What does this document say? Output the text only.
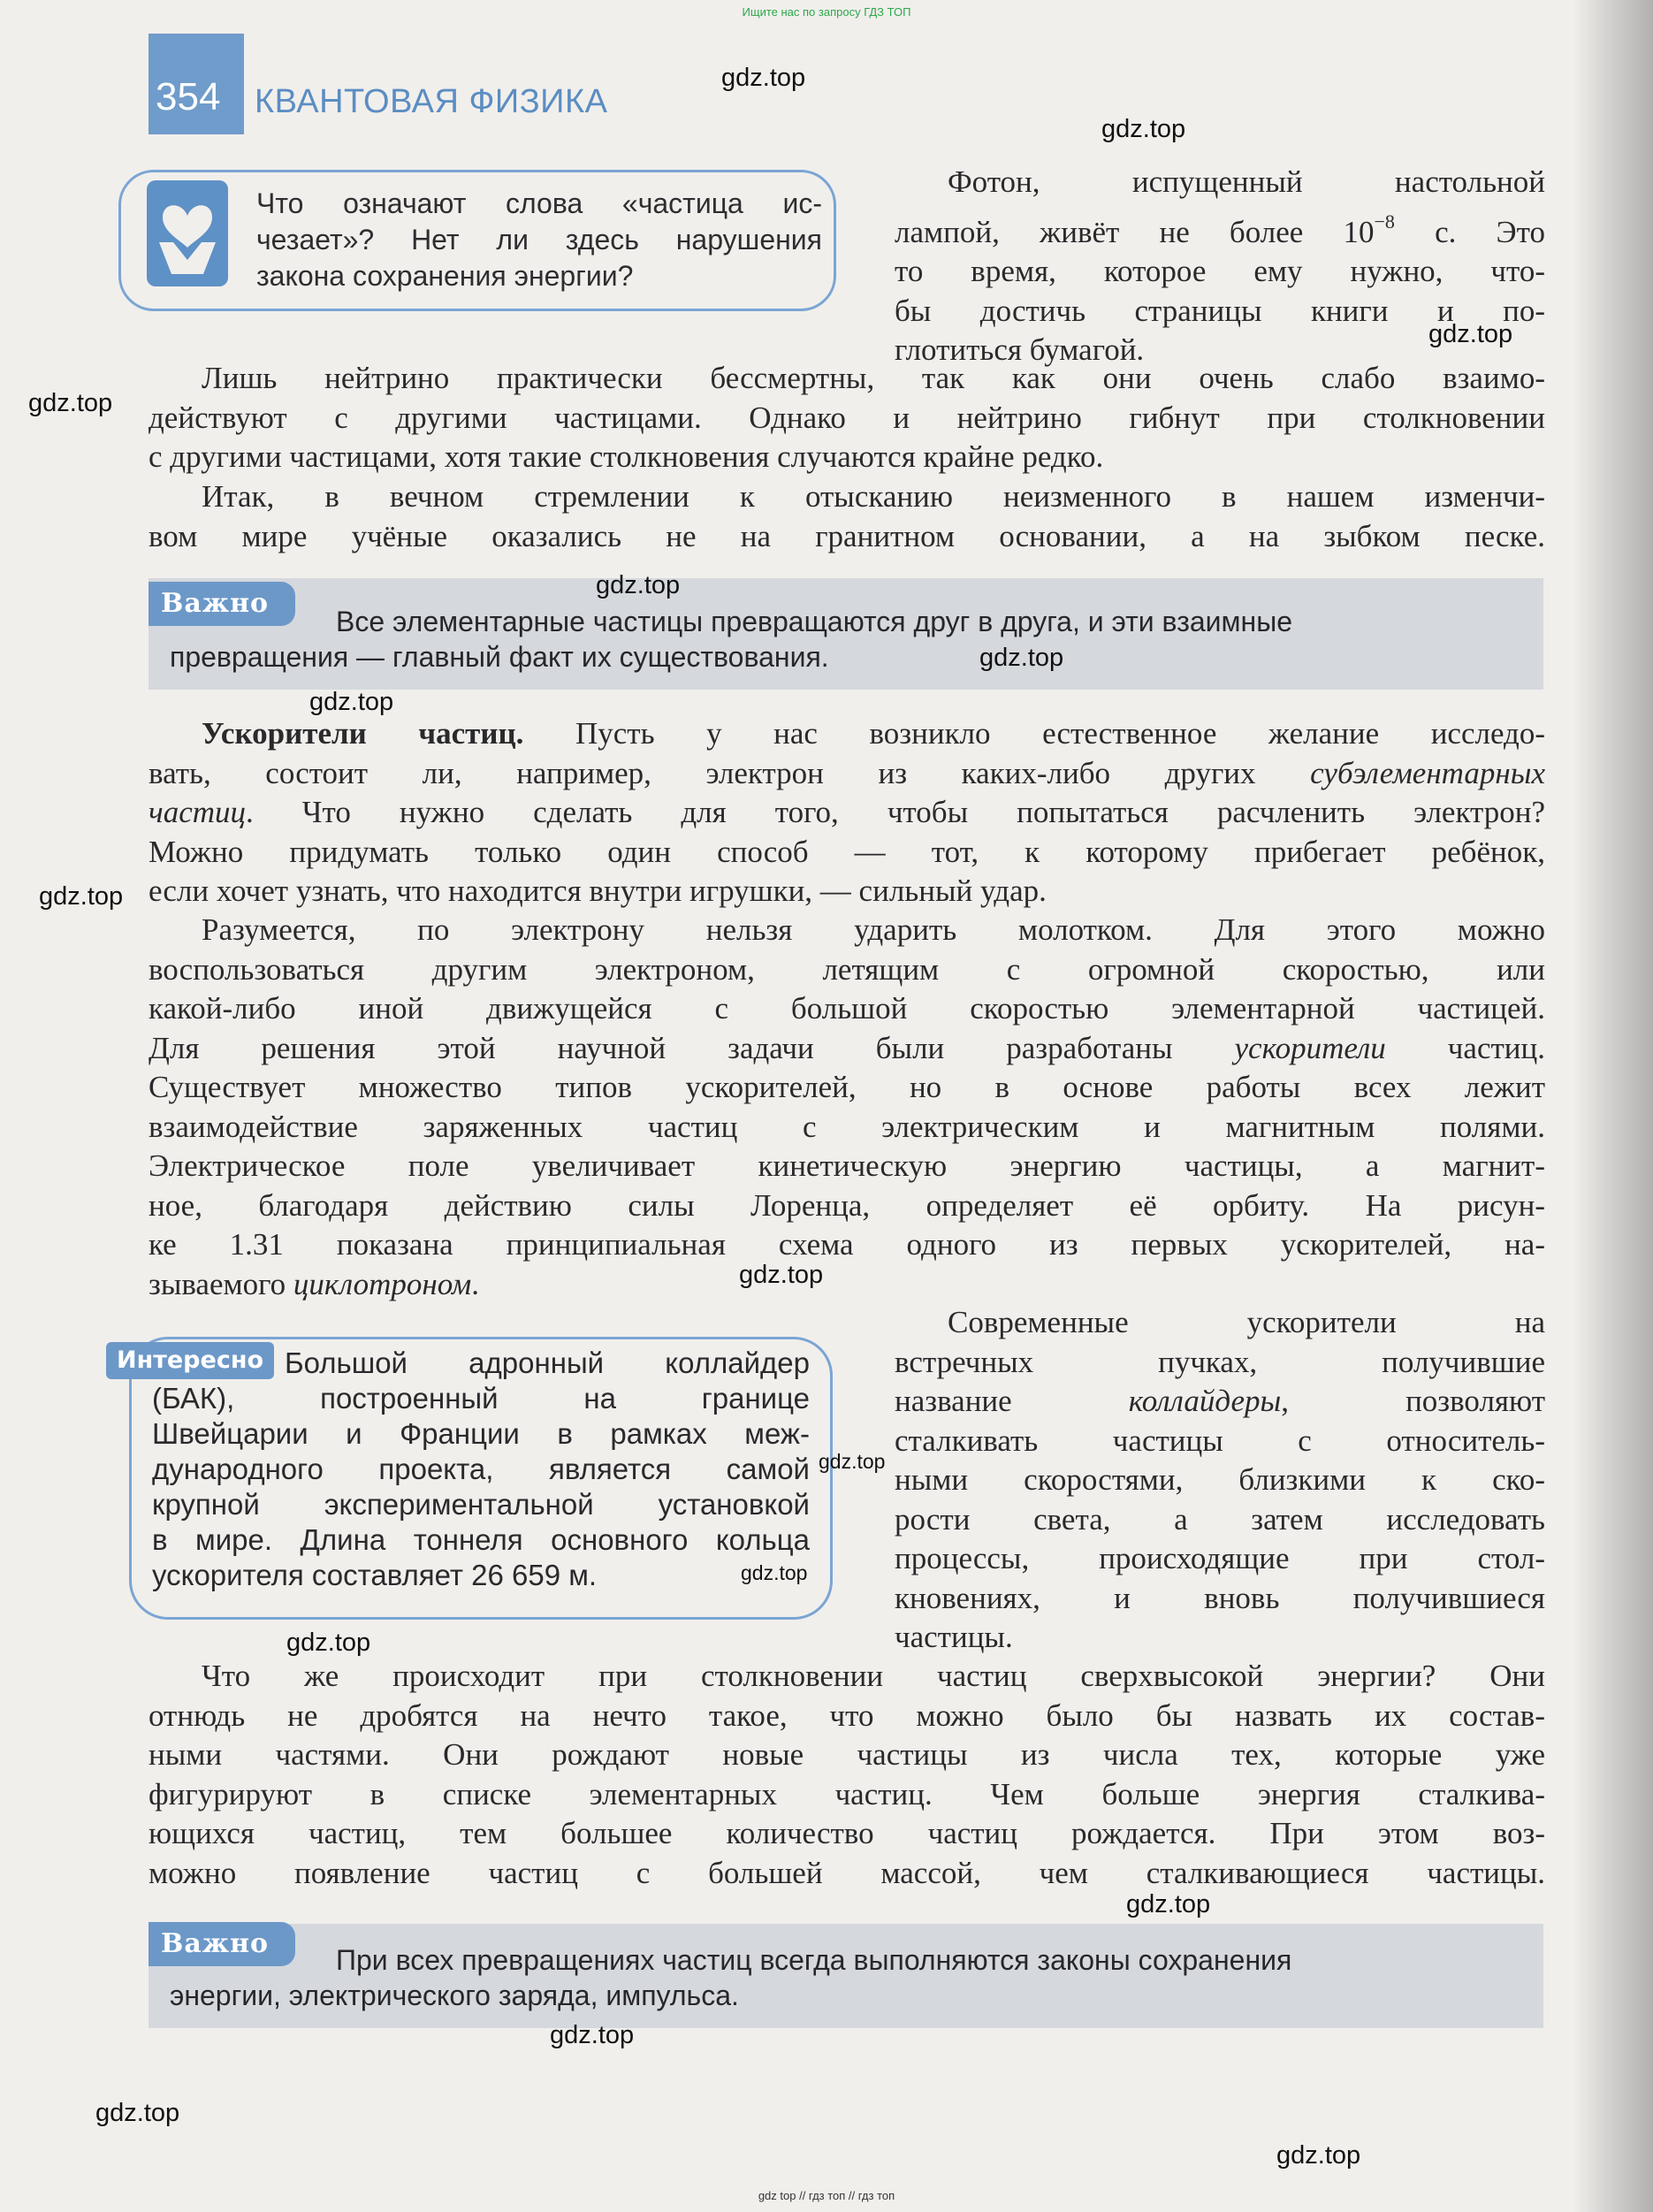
Ищите нас по запросу ГДЗ ТОП
354 КВАНТОВАЯ ФИЗИКА
Что означают слова «частица ис-
чезает»? Нет ли здесь нарушения
закона сохранения энергии?
Фотон, испущенный настольной
лампой, живёт не более $10^{-8}$ с. Это
то время, которое ему нужно, что-
бы достичь страницы книги и по-
глотиться бумагой.
Лишь нейтрино практически бессмертны, так как они очень слабо взаимо-
действуют с другими частицами. Однако и нейтрино гибнут при столкновении
с другими частицами, хотя такие столкновения случаются крайне редко.
Итак, в вечном стремлении к отысканию неизменного в нашем изменчи-
вом мире учёные оказались не на гранитном основании, а на зыбком песке.
Важно
Все элементарные частицы превращаются друг в друга, и эти взаимные
превращения — главный факт их существования.
Ускорители частиц. Пусть у нас возникло естественное желание исследо-
вать, состоит ли, например, электрон из каких-либо других субэлементарных
частиц. Что нужно сделать для того, чтобы попытаться расчленить электрон?
Можно придумать только один способ — тот, к которому прибегает ребёнок,
если хочет узнать, что находится внутри игрушки, — сильный удар.
Разумеется, по электрону нельзя ударить молотком. Для этого можно
воспользоваться другим электроном, летящим с огромной скоростью, или
какой-либо иной движущейся с большой скоростью элементарной частицей.
Для решения этой научной задачи были разработаны ускорители частиц.
Существует множество типов ускорителей, но в основе работы всех лежит
взаимодействие заряженных частиц с электрическим и магнитным полями.
Электрическое поле увеличивает кинетическую энергию частицы, а магнит-
ное, благодаря действию силы Лоренца, определяет её орбиту. На рисун-
ке 1.31 показана принципиальная схема одного из первых ускорителей, на-
зываемого циклотроном.
Интересно Большой адронный коллайдер
(БАК), построенный на границе
Швейцарии и Франции в рамках меж-
дународного проекта, является самой
крупной экспериментальной установкой
в мире. Длина тоннеля основного кольца
ускорителя составляет 26 659 м.
Современные ускорители на
встречных пучках, получившие
название коллайдеры, позволяют
сталкивать частицы с относитель-
ными скоростями, близкими к ско-
рости света, а затем исследовать
процессы, происходящие при стол-
кновениях, и вновь получившиеся
частицы.
Что же происходит при столкновении частиц сверхвысокой энергии? Они
отнюдь не дробятся на нечто такое, что можно было бы назвать их состав-
ными частями. Они рождают новые частицы из числа тех, которые уже
фигурируют в списке элементарных частиц. Чем больше энергия сталкива-
ющихся частиц, тем большее количество частиц рождается. При этом воз-
можно появление частиц с большей массой, чем сталкивающиеся частицы.
Важно
При всех превращениях частиц всегда выполняются законы сохранения
энергии, электрического заряда, импульса.
gdz.top
gdz.top
gdz.top
gdz.top
gdz.top
gdz.top
gdz.top
gdz.top
gdz.top
gdz.top
gdz.top
gdz.top
gdz.top
gdz.top
gdz.top
gdz.top
gdz top // гдз топ // гдз топ
